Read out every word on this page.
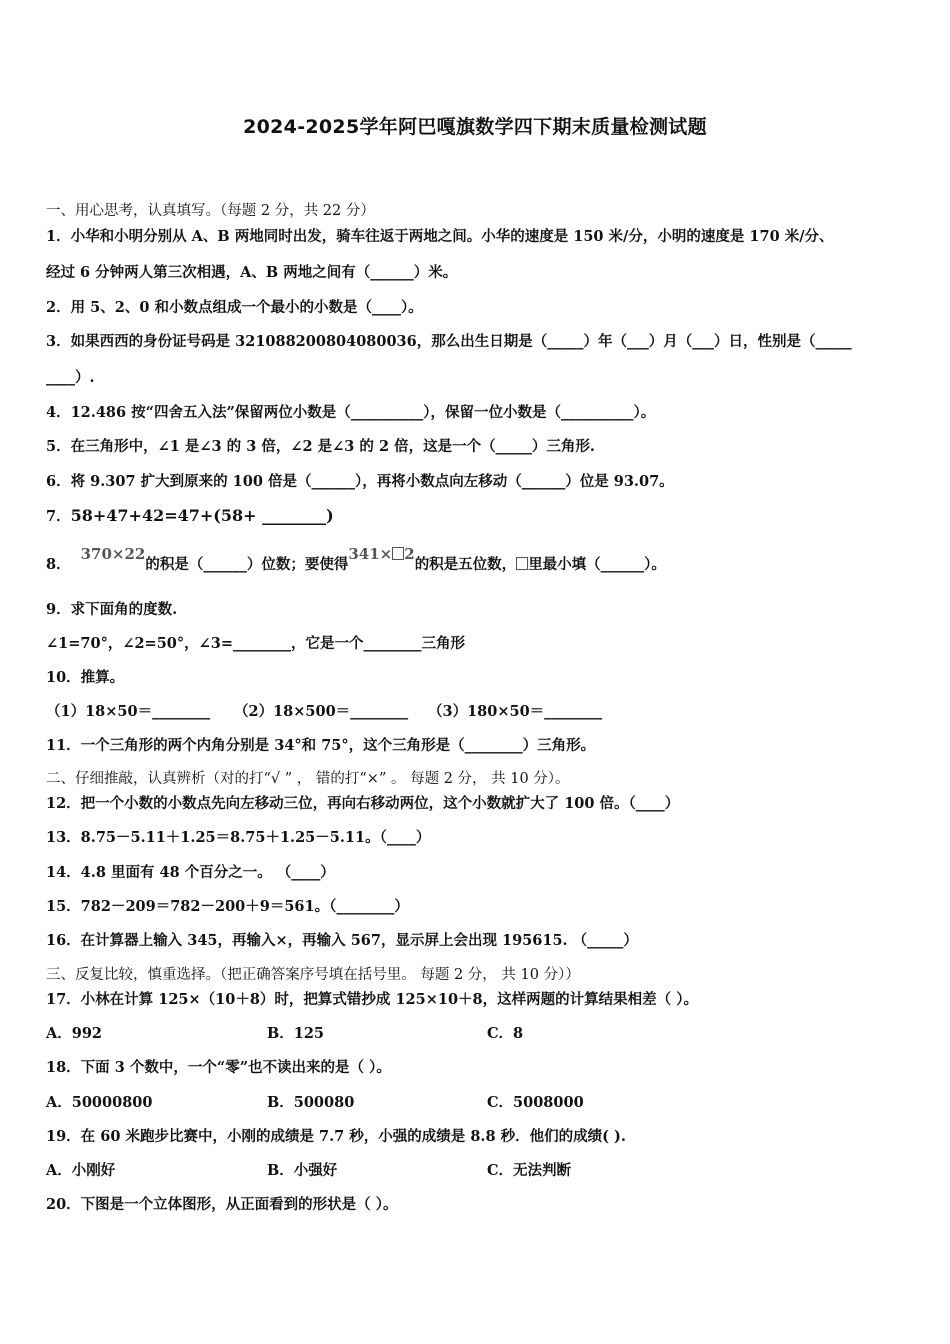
2024-2025学年阿巴嘎旗数学四下期末质量检测试题
一、用心思考，认真填写。（每题 2 分，共 22 分）
1．小华和小明分别从 A、B 两地同时出发，骑车往返于两地之间。小华的速度是 150 米/分，小明的速度是 170 米/分、
经过 6 分钟两人第三次相遇，A、B 两地之间有（______）米。
2．用 5、2、0 和小数点组成一个最小的小数是（____）。
3．如果西西的身份证号码是 321088200804080036，那么出生日期是（_____）年（___）月（___）日，性别是（_____
____）.
4．12.486 按“四舍五入法”保留两位小数是（__________），保留一位小数是（__________）。
5．在三角形中，∠1 是∠3 的 3 倍，∠2 是∠3 的 2 倍，这是一个（_____）三角形.
6．将 9.307 扩大到原来的 100 倍是（______），再将小数点向左移动（______）位是 93.07。
7．58+47+42=47+(58+ ________)
8．370×22的积是（______）位数；要使得341× 2的积是五位数， 里最小填（______）。
9．求下面角的度数.
∠1=70°，∠2=50°，∠3=________，它是一个________三角形
10．推算。
（1）18×50＝________ （2）18×500＝________ （3）180×50＝________
11．一个三角形的两个内角分别是 34°和 75°，这个三角形是（________）三角形。
二、仔细推敲，认真辨析（对的打“√ ” ， 错的打“×” 。 每题 2 分， 共 10 分）。
12．把一个小数的小数点先向左移动三位，再向右移动两位，这个小数就扩大了 100 倍。（____）
13．8.75－5.11＋1.25＝8.75＋1.25－5.11。（____）
14．4.8 里面有 48 个百分之一。 （____）
15．782－209＝782－200＋9＝561。（________）
16．在计算器上输入 345，再输入×，再输入 567，显示屏上会出现 195615. （_____）
三、反复比较，慎重选择。（把正确答案序号填在括号里。 每题 2 分， 共 10 分））
17．小林在计算 125×（10＋8）时，把算式错抄成 125×10＋8，这样两题的计算结果相差（ ）。
A．992	B．125	C．8
18．下面 3 个数中，一个“零”也不读出来的是（ ）。
A．50000800	B．500080	C．5008000
19．在 60 米跑步比赛中，小刚的成绩是 7.7 秒，小强的成绩是 8.8 秒．他们的成绩( ).
A．小刚好	B．小强好	C．无法判断
20．下图是一个立体图形，从正面看到的形状是（ ）。
